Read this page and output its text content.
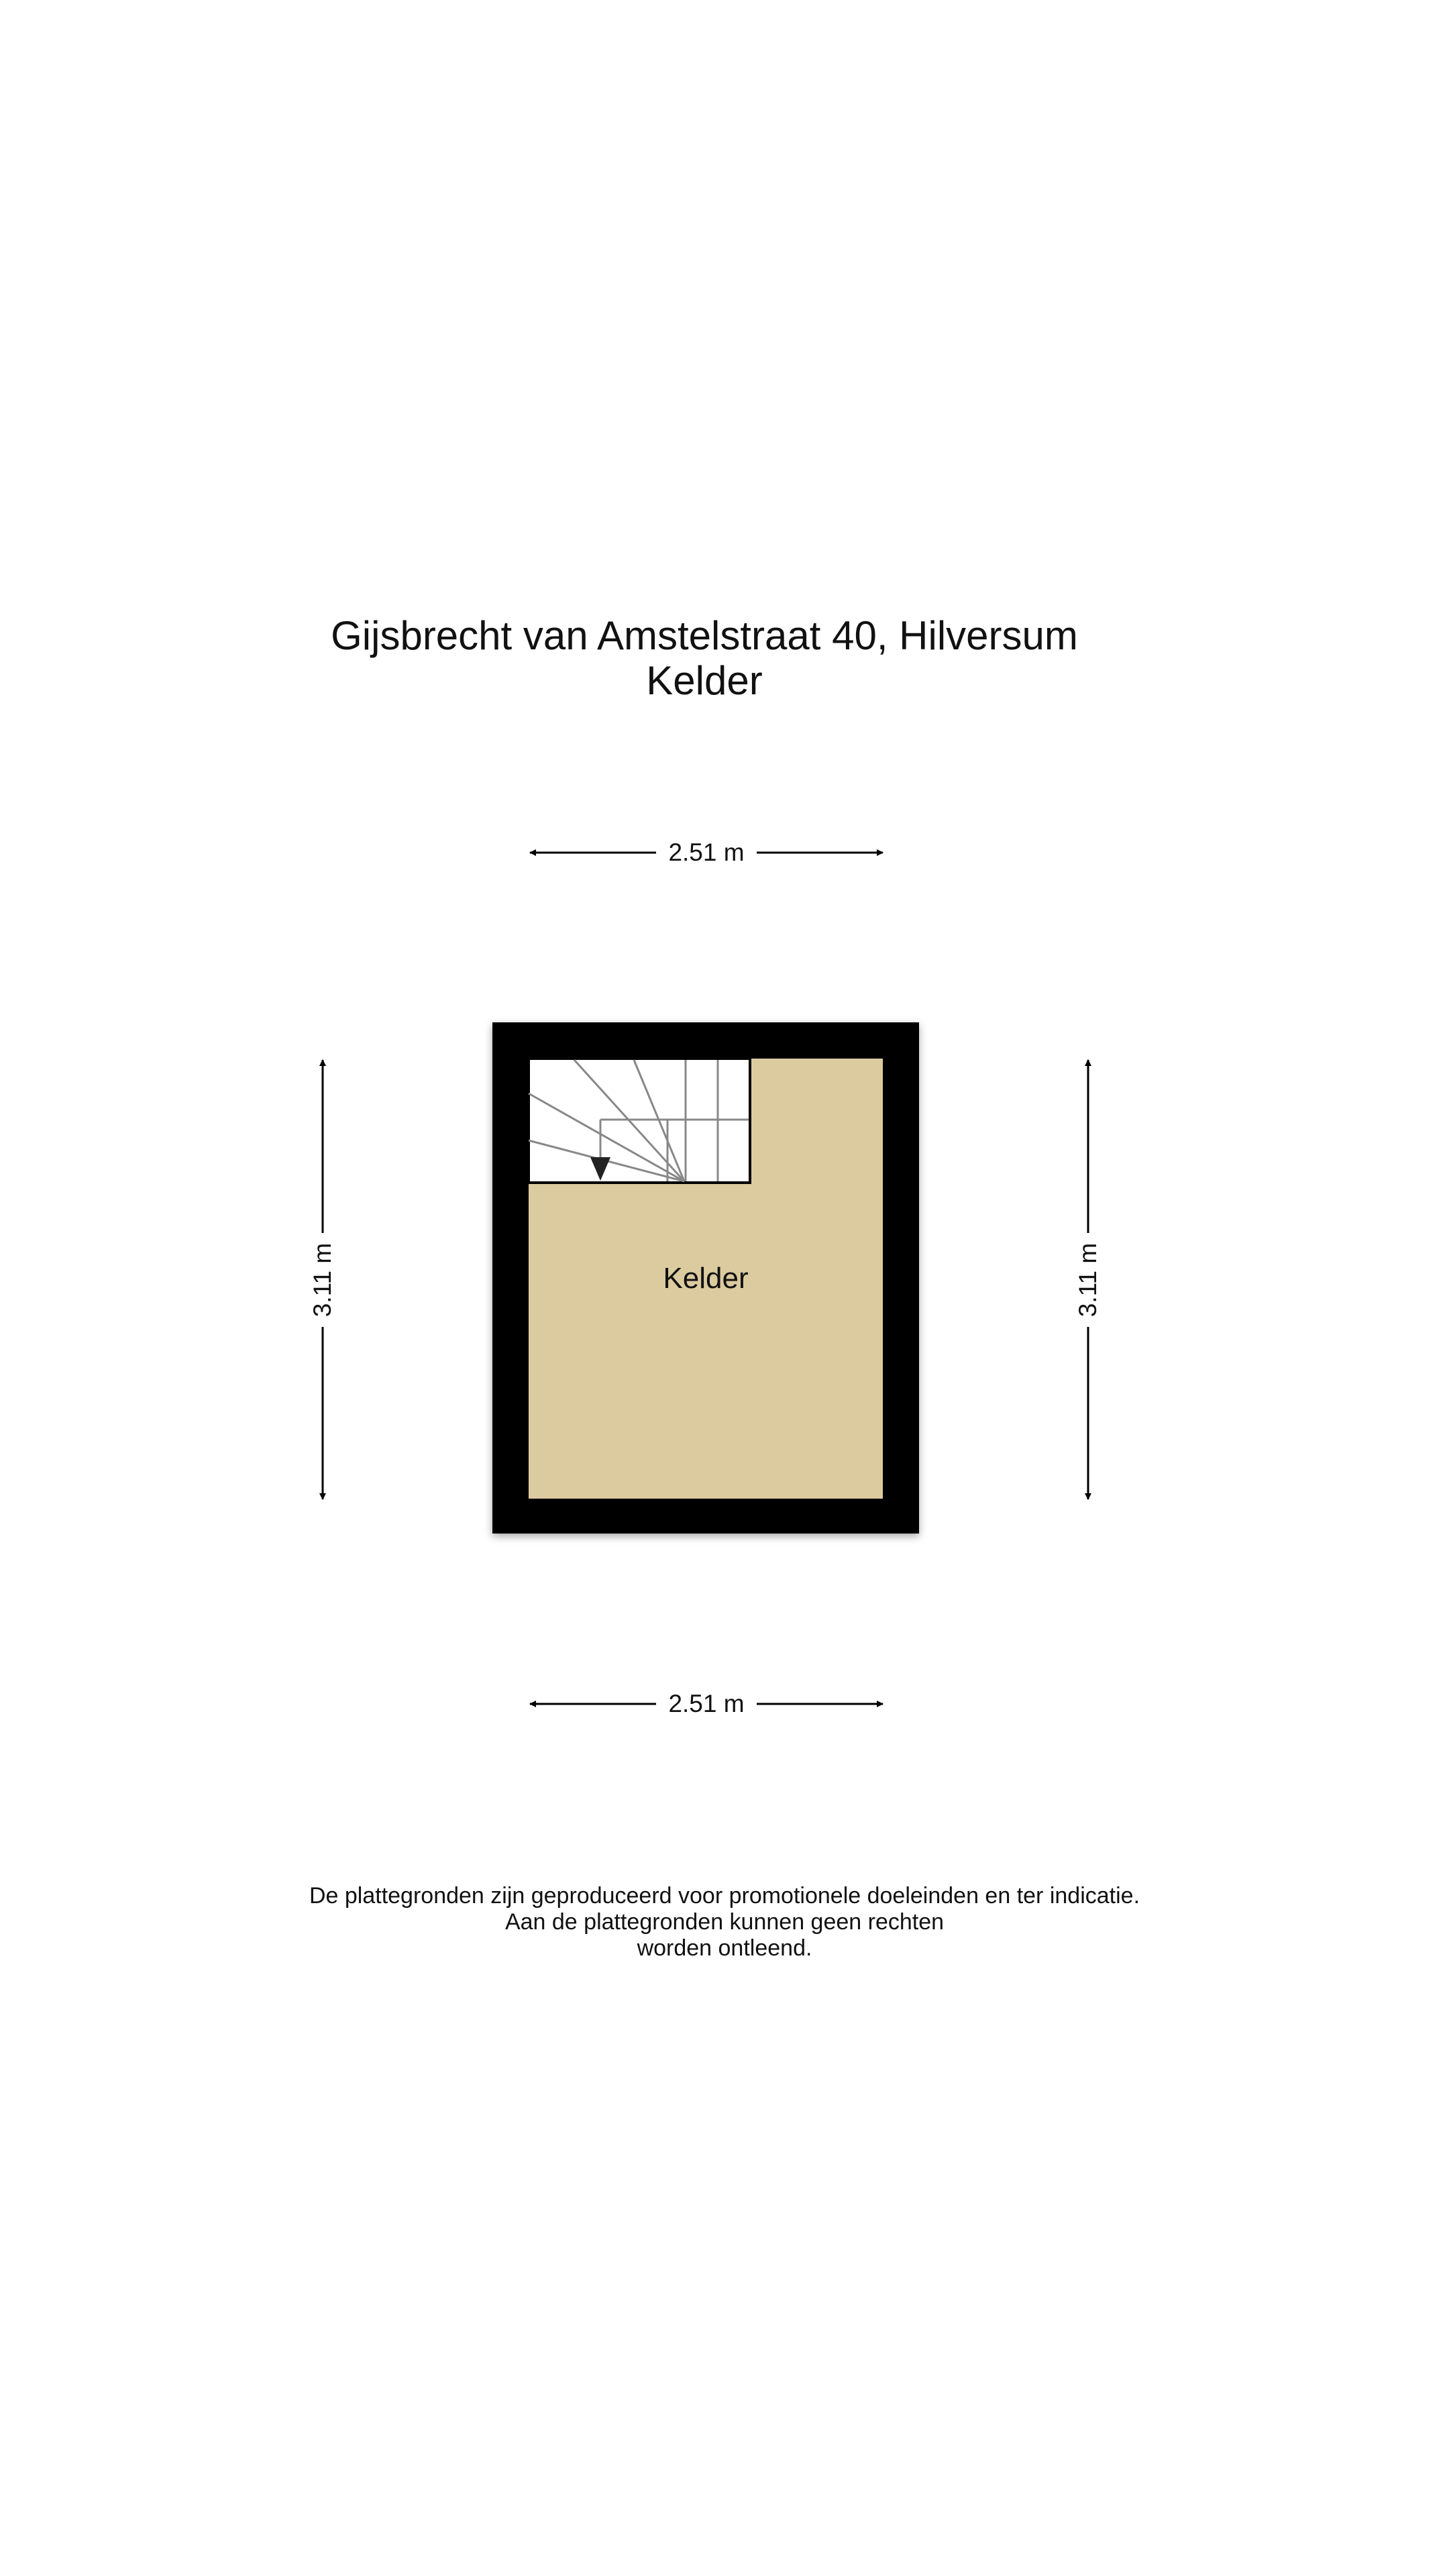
Gijsbrecht van Amstelstraat 40, Hilversum
Kelder
2.51 m
2.51 m
3.11 m	3.11 m
Kelder
De plattegronden zijn geproduceerd voor promotionele doeleinden en ter indicatie.
Aan de plattegronden kunnen geen rechten
worden ontleend.
